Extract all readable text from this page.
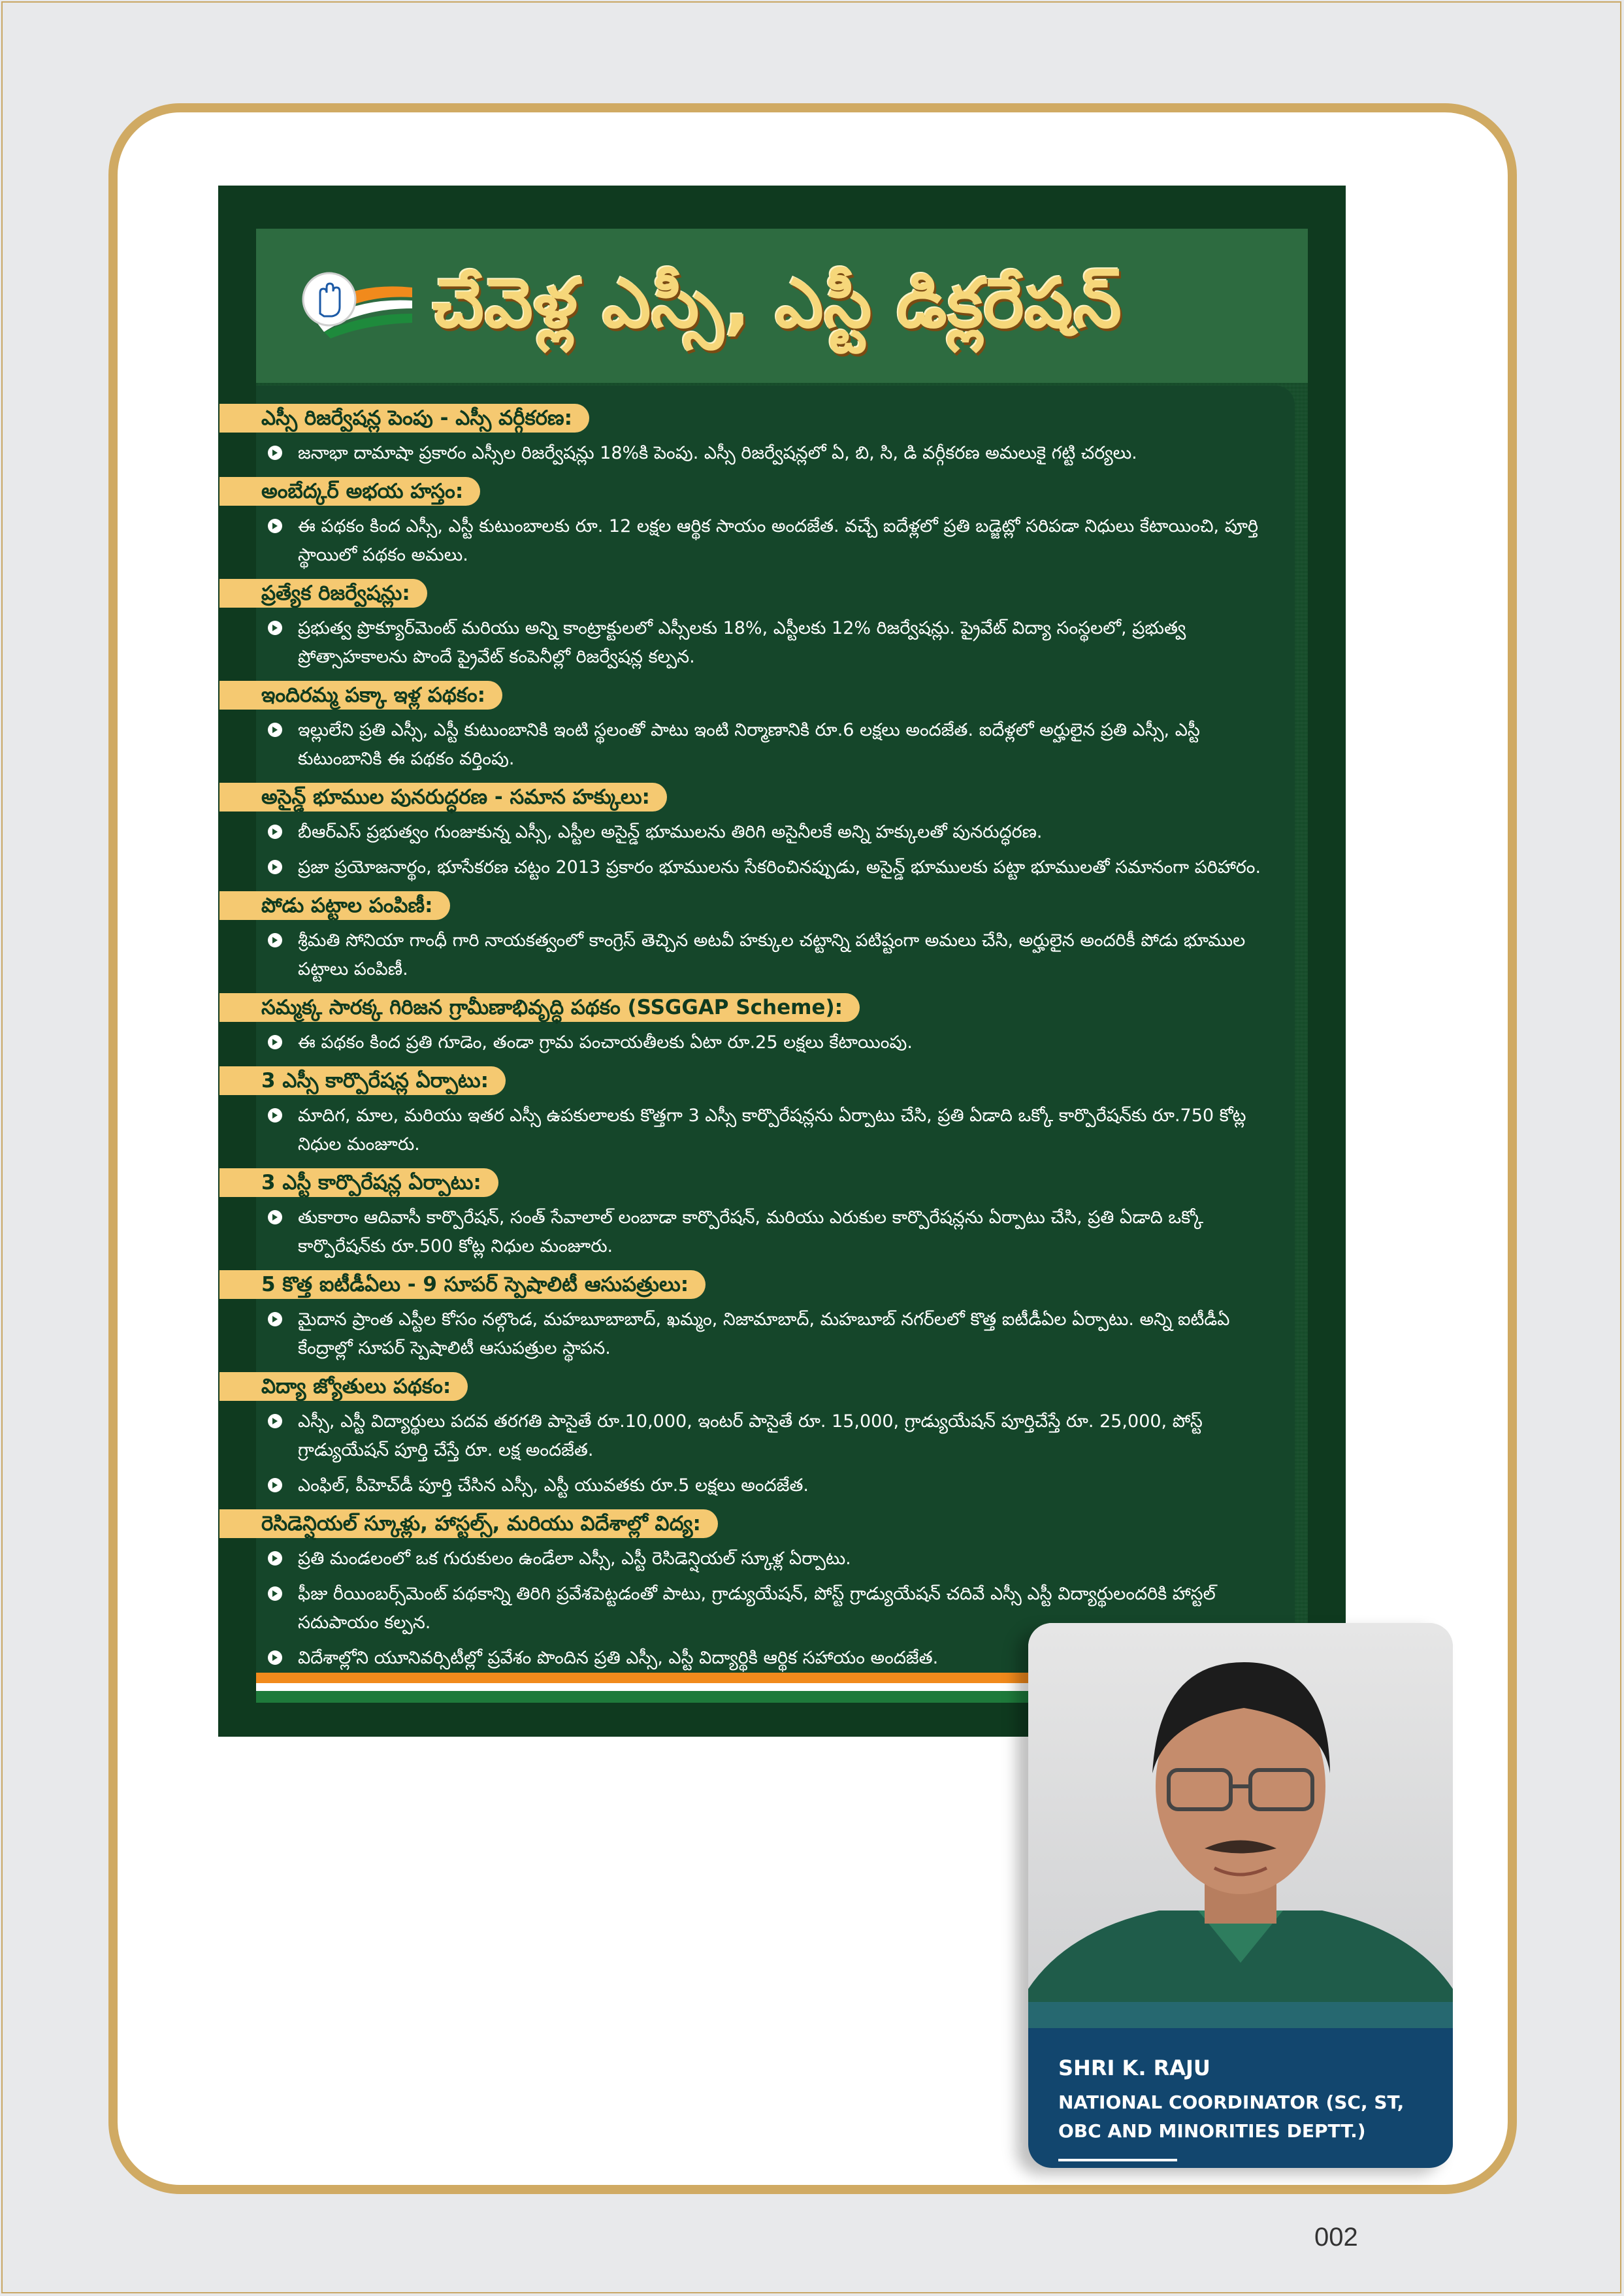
చేవెళ్ల ఎస్సీ, ఎస్టీ డిక్లరేషన్
ఎస్సీ రిజర్వేషన్ల పెంపు - ఎస్సీ వర్గీకరణ:
జనాభా దామాషా ప్రకారం ఎస్సీల రిజర్వేషన్లు 18%కి పెంపు. ఎస్సీ రిజర్వేషన్లలో ఏ, బి, సి, డి వర్గీకరణ అమలుకై గట్టి చర్యలు.
అంబేద్కర్ అభయ హస్తం:
ఈ పథకం కింద ఎస్సీ, ఎస్టీ కుటుంబాలకు రూ. 12 లక్షల ఆర్థిక సాయం అందజేత. వచ్చే ఐదేళ్లలో ప్రతి బడ్జెట్లో సరిపడా నిధులు కేటాయించి, పూర్తి స్థాయిలో పథకం అమలు.
ప్రత్యేక రిజర్వేషన్లు:
ప్రభుత్వ ప్రొక్యూర్‌మెంట్ మరియు అన్ని కాంట్రాక్టులలో ఎస్సీలకు 18%, ఎస్టీలకు 12% రిజర్వేషన్లు. ప్రైవేట్ విద్యా సంస్థలలో, ప్రభుత్వ ప్రోత్సాహకాలను పొందే ప్రైవేట్ కంపెనీల్లో రిజర్వేషన్ల కల్పన.
ఇందిరమ్మ పక్కా ఇళ్ల పథకం:
ఇల్లులేని ప్రతి ఎస్సీ, ఎస్టీ కుటుంబానికి ఇంటి స్థలంతో పాటు ఇంటి నిర్మాణానికి రూ.6 లక్షలు అందజేత. ఐదేళ్లలో అర్హులైన ప్రతి ఎస్సీ, ఎస్టీ కుటుంబానికి ఈ పథకం వర్తింపు.
అసైన్డ్ భూముల పునరుద్ధరణ - సమాన హక్కులు:
బీఆర్ఎస్ ప్రభుత్వం గుంజుకున్న ఎస్సీ, ఎస్టీల అసైన్డ్ భూములను తిరిగి అసైనీలకే అన్ని హక్కులతో పునరుద్ధరణ.
ప్రజా ప్రయోజనార్థం, భూసేకరణ చట్టం 2013 ప్రకారం భూములను సేకరించినప్పుడు, అసైన్డ్ భూములకు పట్టా భూములతో సమానంగా పరిహారం.
పోడు పట్టాల పంపిణీ:
శ్రీమతి సోనియా గాంధీ గారి నాయకత్వంలో కాంగ్రెస్ తెచ్చిన అటవీ హక్కుల చట్టాన్ని పటిష్టంగా అమలు చేసి, అర్హులైన అందరికీ పోడు భూముల పట్టాలు పంపిణీ.
సమ్మక్క సారక్క గిరిజన గ్రామీణాభివృద్ధి పథకం (SSGGAP Scheme):
ఈ పథకం కింద ప్రతి గూడెం, తండా గ్రామ పంచాయతీలకు ఏటా రూ.25 లక్షలు కేటాయింపు.
3 ఎస్సీ కార్పొరేషన్ల ఏర్పాటు:
మాదిగ, మాల, మరియు ఇతర ఎస్సీ ఉపకులాలకు కొత్తగా 3 ఎస్సీ కార్పొరేషన్లను ఏర్పాటు చేసి, ప్రతి ఏడాది ఒక్కో కార్పొరేషన్‌కు రూ.750 కోట్ల నిధుల మంజూరు.
3 ఎస్టీ కార్పొరేషన్ల ఏర్పాటు:
తుకారాం ఆదివాసీ కార్పొరేషన్, సంత్ సేవాలాల్ లంబాడా కార్పొరేషన్, మరియు ఎరుకుల కార్పొరేషన్లను ఏర్పాటు చేసి, ప్రతి ఏడాది ఒక్కో కార్పొరేషన్‌కు రూ.500 కోట్ల నిధుల మంజూరు.
5 కొత్త ఐటీడీఏలు - 9 సూపర్ స్పెషాలిటీ ఆసుపత్రులు:
మైదాన ప్రాంత ఎస్టీల కోసం నల్గొండ, మహబూబాబాద్, ఖమ్మం, నిజామాబాద్, మహబూబ్ నగర్‌లలో కొత్త ఐటీడీఏల ఏర్పాటు. అన్ని ఐటీడీఏ కేంద్రాల్లో సూపర్ స్పెషాలిటీ ఆసుపత్రుల స్థాపన.
విద్యా జ్యోతులు పథకం:
ఎస్సీ, ఎస్టీ విద్యార్థులు పదవ తరగతి పాసైతే రూ.10,000, ఇంటర్ పాసైతే రూ. 15,000, గ్రాడ్యుయేషన్ పూర్తిచేస్తే రూ. 25,000, పోస్ట్ గ్రాడ్యుయేషన్ పూర్తి చేస్తే రూ. లక్ష అందజేత.
ఎంఫిల్, పీహెచ్‌డీ పూర్తి చేసిన ఎస్సీ, ఎస్టీ యువతకు రూ.5 లక్షలు అందజేత.
రెసిడెన్షియల్ స్కూళ్లు, హాస్టల్స్, మరియు విదేశాల్లో విద్య:
ప్రతి మండలంలో ఒక గురుకులం ఉండేలా ఎస్సీ, ఎస్టీ రెసిడెన్షియల్ స్కూళ్ల ఏర్పాటు.
ఫీజు రీయింబర్స్‌మెంట్ పథకాన్ని తిరిగి ప్రవేశపెట్టడంతో పాటు, గ్రాడ్యుయేషన్, పోస్ట్ గ్రాడ్యుయేషన్ చదివే ఎస్సీ ఎస్టీ విద్యార్థులందరికి హాస్టల్ సదుపాయం కల్పన.
విదేశాల్లోని యూనివర్సిటీల్లో ప్రవేశం పొందిన ప్రతి ఎస్సీ, ఎస్టీ విద్యార్థికి ఆర్థిక సహాయం అందజేత.
SHRI K. RAJU
NATIONAL COORDINATOR (SC, ST, OBC AND MINORITIES DEPTT.)
002
